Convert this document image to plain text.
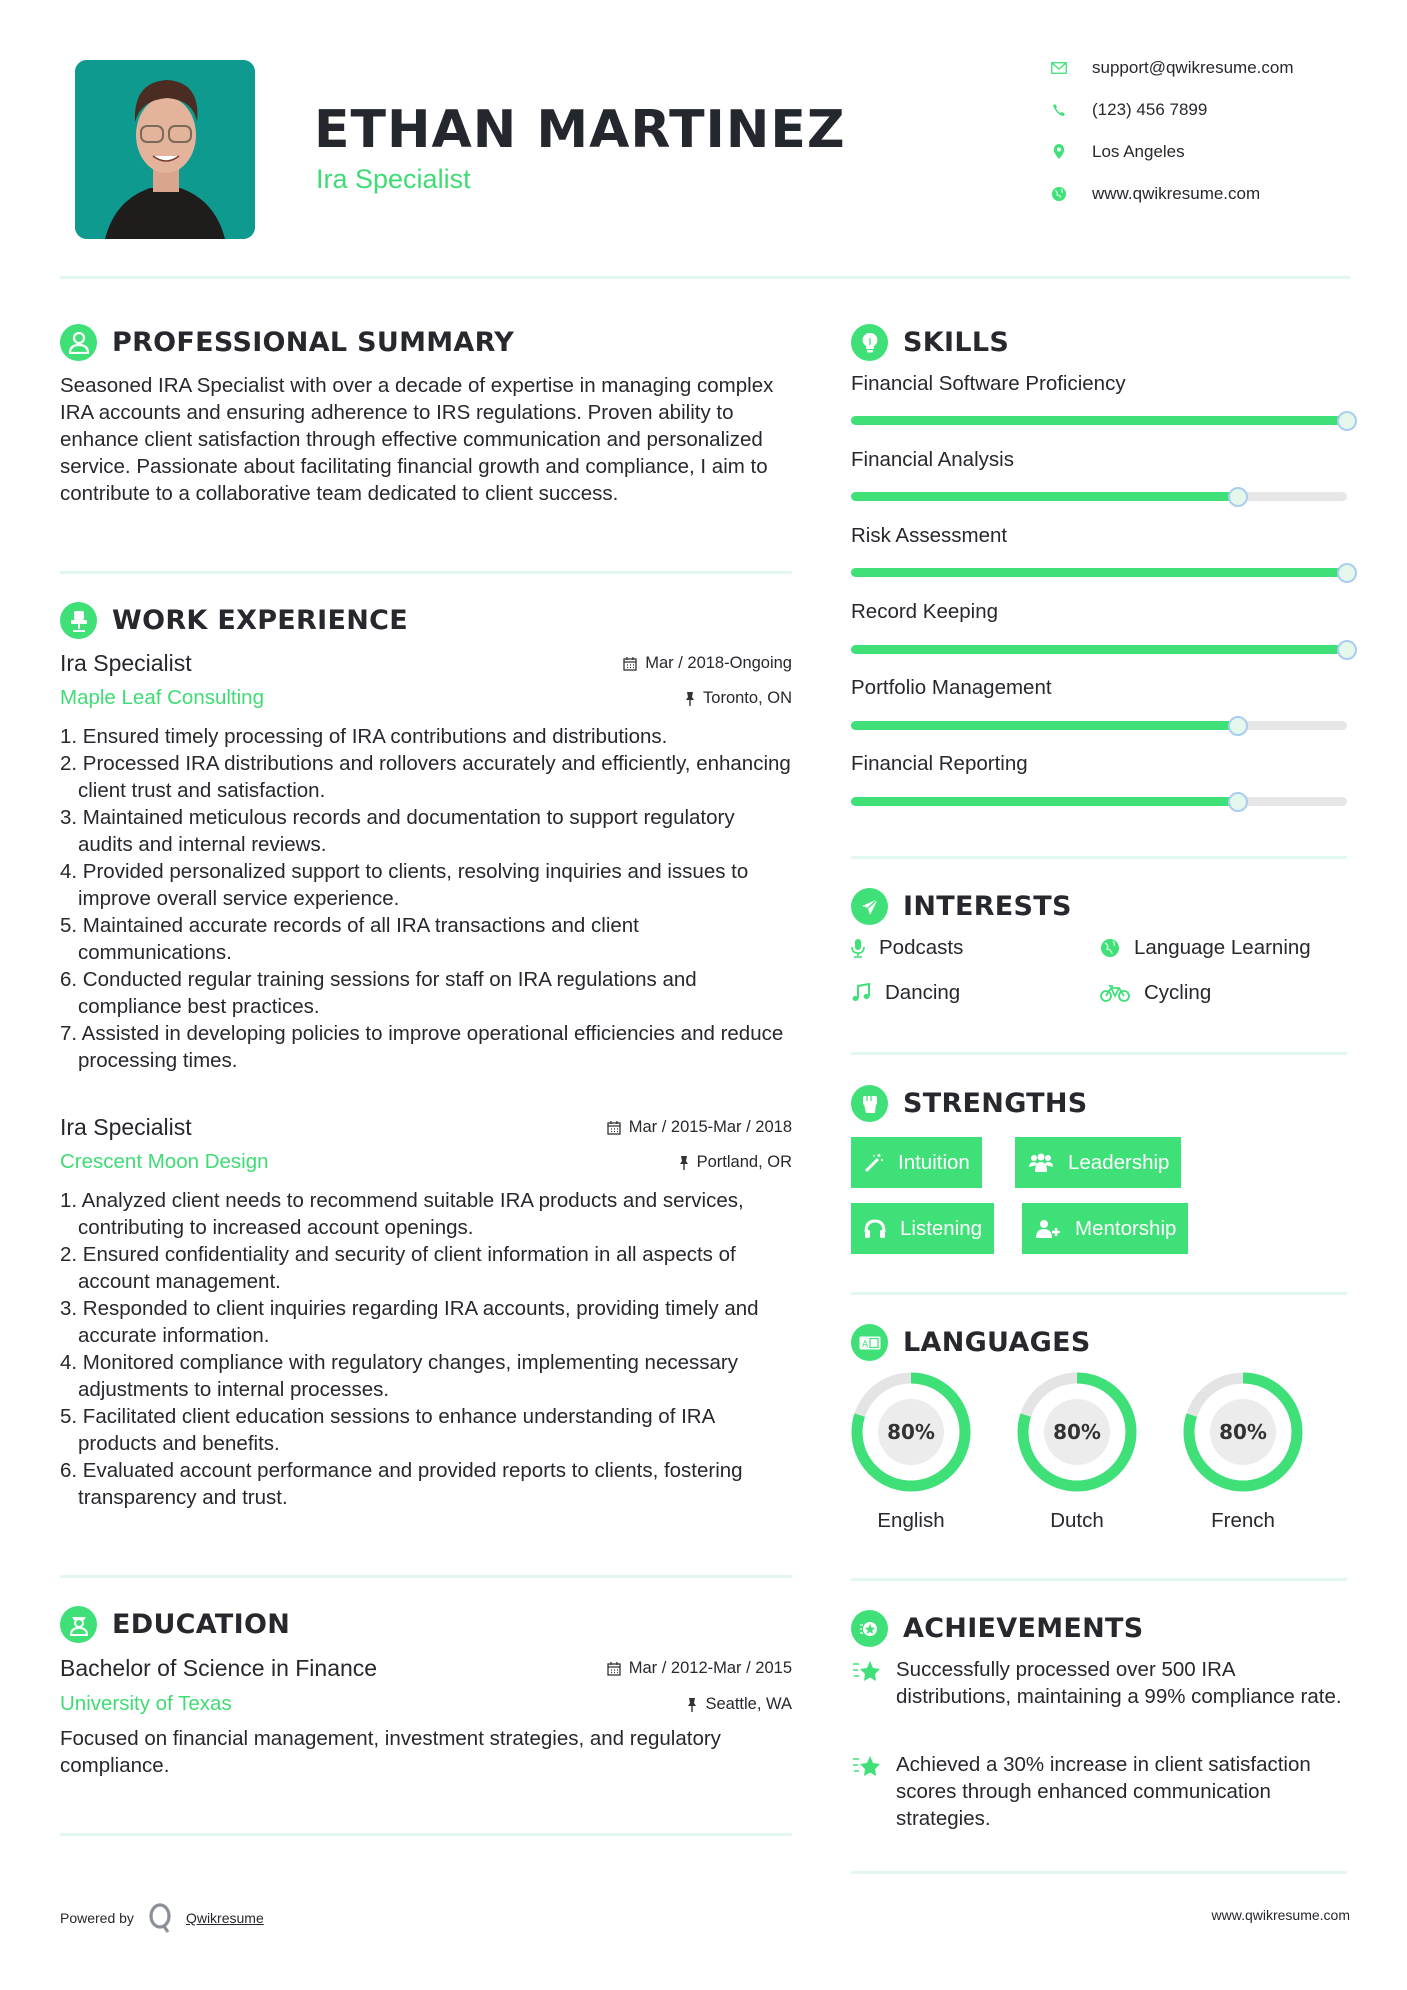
ETHAN MARTINEZ
Ira Specialist
support@qwikresume.com
(123) 456 7899
Los Angeles
www.qwikresume.com
PROFESSIONAL SUMMARY

Seasoned IRA Specialist with over a decade of expertise in managing complex IRA accounts and ensuring adherence to IRS regulations. Proven ability to enhance client satisfaction through effective communication and personalized service. Passionate about facilitating financial growth and compliance, I aim to contribute to a collaborative team dedicated to client success.

WORK EXPERIENCE
Ira Specialist	Mar / 2018-Ongoing
Maple Leaf Consulting	Toronto, ON
1. Ensured timely processing of IRA contributions and distributions.
2. Processed IRA distributions and rollovers accurately and efficiently, enhancing client trust and satisfaction.
3. Maintained meticulous records and documentation to support regulatory audits and internal reviews.
4. Provided personalized support to clients, resolving inquiries and issues to improve overall service experience.
5. Maintained accurate records of all IRA transactions and client communications.
6. Conducted regular training sessions for staff on IRA regulations and compliance best practices.
7. Assisted in developing policies to improve operational efficiencies and reduce processing times.
Ira Specialist	Mar / 2015-Mar / 2018
Crescent Moon Design	Portland, OR
1. Analyzed client needs to recommend suitable IRA products and services, contributing to increased account openings.
2. Ensured confidentiality and security of client information in all aspects of account management.
3. Responded to client inquiries regarding IRA accounts, providing timely and accurate information.
4. Monitored compliance with regulatory changes, implementing necessary adjustments to internal processes.
5. Facilitated client education sessions to enhance understanding of IRA products and benefits.
6. Evaluated account performance and provided reports to clients, fostering transparency and trust.
EDUCATION
Bachelor of Science in Finance	Mar / 2012-Mar / 2015
University of Texas	Seattle, WA

Focused on financial management, investment strategies, and regulatory compliance.

SKILLS
Financial Software Proficiency
Financial Analysis
Risk Assessment
Record Keeping
Portfolio Management
Financial Reporting
INTERESTS
Podcasts	Language Learning
Dancing	Cycling
STRENGTHS
Intuition	Leadership
Listening	Mentorship
A LANGUAGES
80%
English
80%
Dutch
80%
French
ACHIEVEMENTS
Successfully processed over 500 IRA distributions, maintaining a 99% compliance rate.
Achieved a 30% increase in client satisfaction scores through enhanced communication strategies.
Powered by	Qwikresume	www.qwikresume.com
